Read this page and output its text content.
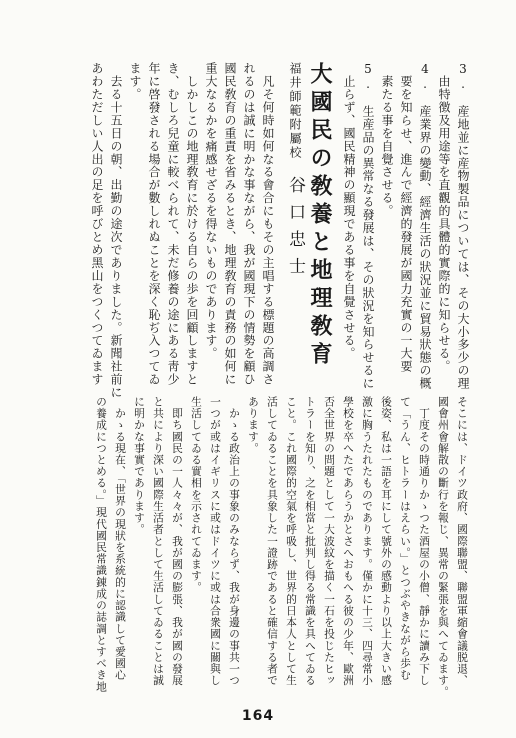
3.　産地並に産物製品については、その大小多少の理
　由特徴及用途等を直觀的具體的實際的に知らせる。
4.　産業界の變動、經濟生活の狀況並に貿易狀態の概
　要を知らせ、進んで經濟的發展が國力充實の一大要
　素たる事を自覺させる。
5.　生産品の異常なる發展は、その狀況を知らせるに
　止らず、國民精神の顯現である事を自覺させる。
大國民の敎養と地理敎育
福井師範附屬校 谷口忠士
　凡そ何時如何なる會合にもその主唱する標題の高調さ
れるのは誠に明かな事ながら、我が國現下の情勢を顧ひ
國民敎育の重責を省みるとき、地理敎育の責務の如何に
重大なるかを痛感せざるを得ないものであります。
　しかしこの地理敎育に於ける自らの歩を回顧しますと
き、むしろ兒童に較べられて、未だ修養の途にある靑少
年に啓發される場合が數しれぬことを深く恥ぢ入つてゐ
ます。
　去る十五日の朝、出勤の途次でありました。新聞社前に
あわただしい人出の足を呼びとめ黑山をつくつてゐます
そこには、ドイツ政府、國際聯盟、聯盟軍縮會議脱退、
國會州會解散の斷行を報じ、異常の緊張を與へてゐます。
　丁度その時通りかゝつた酒屋の小僧、靜かに讀み下し
て「うん、ヒトラーはえらい。」とつぶやきながら歩む
後姿、私は一語を耳にして號外の感動より以上大きい感
激に胸うたれたものであります。僅かに十三、四尋常小
學校を卒へたであらうかとさへおもへる彼の少年、歐洲
否全世界の問題として一大波紋を描く一石を投じたヒッ
トラーを知り、之を相當と批判し得る常識を具へてゐる
こと。これ國際的空氣を呼吸し、世界的日本人として生
活してゐることを具象した一證跡であると確信する者で
あります。
　かゝる政治上の事象のみならず、我が身邊の事共一つ
一つが或はイギリスに或はドイツに或は合衆國に關與し
生活してゐる實相を示されてゐます。
　即ち國民の一人々々が、我が國の膨張、我が國の發展
と共により深い國際生活者として生活してゐることは誠
に明かな事實であります。
　かゝる現在、「世界の現狀を系統的に認識して愛國心
の養成につとめる。」現代國民常識錬成の誌調とすべき地
164
